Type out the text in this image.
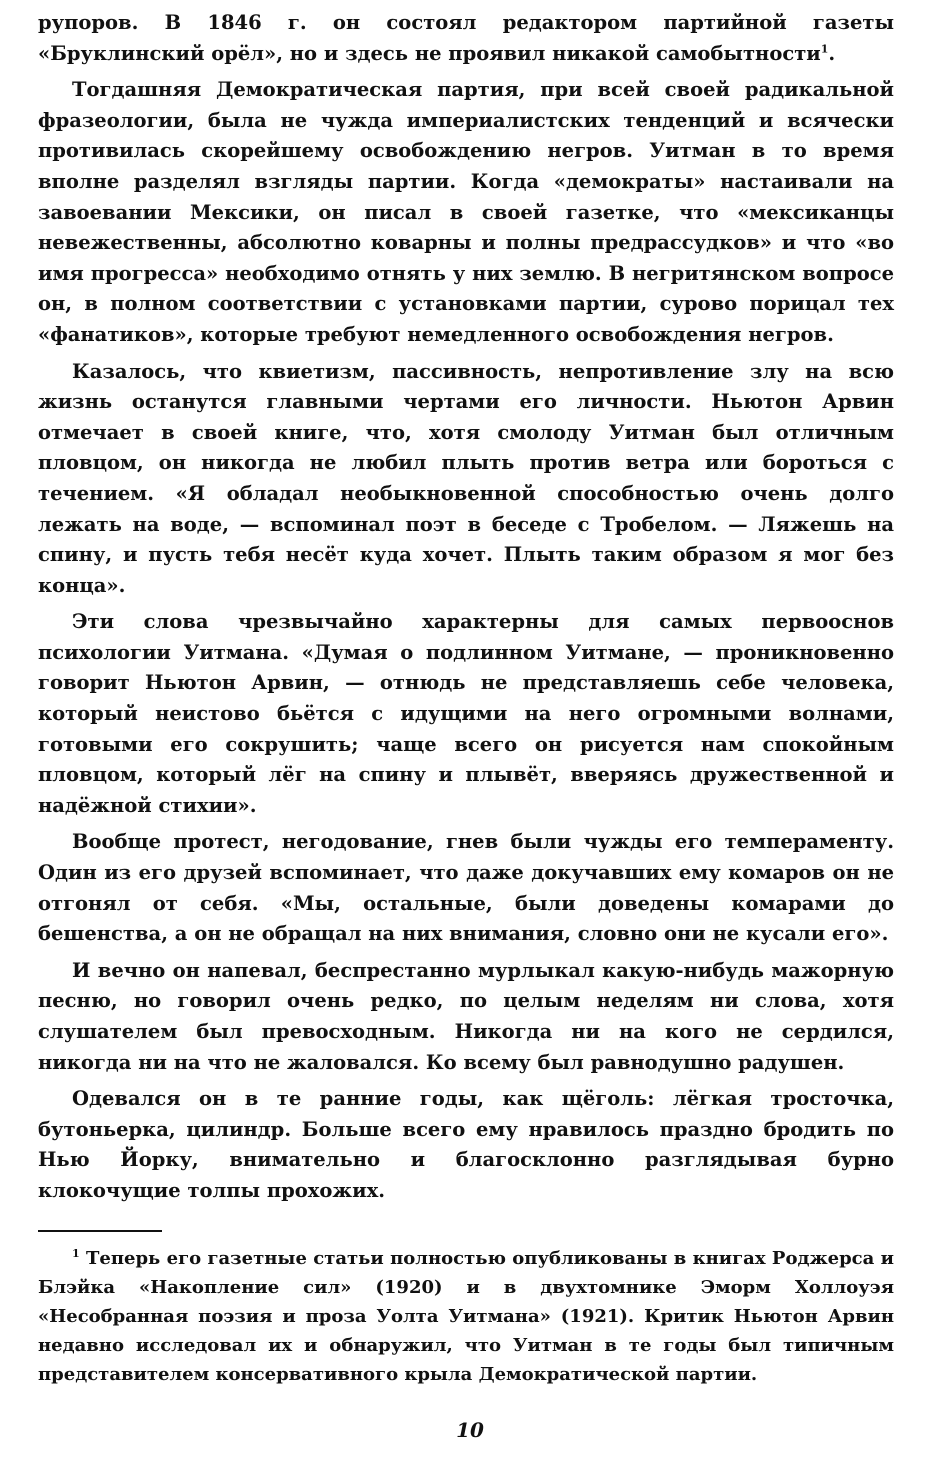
рупоров. В 1846 г. он состоял редактором партийной газеты «Бруклинский орёл», но и здесь не проявил никакой самобытности$^1$.

Тогдашняя Демократическая партия, при всей своей радикальной фразеологии, была не чужда империалистских тенденций и всячески противилась скорейшему освобождению негров. Уитман в то время вполне разделял взгляды партии. Когда «демократы» настаивали на завоевании Мексики, он писал в своей газетке, что «мексиканцы невежественны, абсолютно коварны и полны предрассудков» и что «во имя прогресса» необходимо отнять у них землю. В негритянском вопросе он, в полном соответствии с установками партии, сурово порицал тех «фанатиков», которые требуют немедленного освобождения негров.

Казалось, что квиетизм, пассивность, непротивление злу на всю жизнь останутся главными чертами его личности. Ньютон Арвин отмечает в своей книге, что, хотя смолоду Уитман был отличным пловцом, он никогда не любил плыть против ветра или бороться с течением. «Я обладал необыкновенной способностью очень долго лежать на воде, — вспоминал поэт в беседе с Тробелом. — Ляжешь на спину, и пусть тебя несёт куда хочет. Плыть таким образом я мог без конца».

Эти слова чрезвычайно характерны для самых первооснов психологии Уитмана. «Думая о подлинном Уитмане, — проникновенно говорит Ньютон Арвин, — отнюдь не представляешь себе человека, который неистово бьётся с идущими на него огромными волнами, готовыми его сокрушить; чаще всего он рисуется нам спокойным пловцом, который лёг на спину и плывёт, вверяясь дружественной и надёжной стихии».

Вообще протест, негодование, гнев были чужды его темпераменту. Один из его друзей вспоминает, что даже докучавших ему комаров он не отгонял от себя. «Мы, остальные, были доведены комарами до бешенства, а он не обращал на них внимания, словно они не кусали его».

И вечно он напевал, беспрестанно мурлыкал какую-нибудь мажорную песню, но говорил очень редко, по целым неделям ни слова, хотя слушателем был превосходным. Никогда ни на кого не сердился, никогда ни на что не жаловался. Ко всему был равнодушно радушен.

Одевался он в те ранние годы, как щёголь: лёгкая тросточка, бутоньерка, цилиндр. Больше всего ему нравилось праздно бродить по Нью Йорку, внимательно и благосклонно разглядывая бурно клокочущие толпы прохожих.

$^1$ Теперь его газетные статьи полностью опубликованы в книгах Роджерса и Блэйка «Накопление сил» (1920) и в двухтомнике Эморм Холлоуэя «Несобранная поэзия и проза Уолта Уитмана» (1921). Критик Ньютон Арвин недавно исследовал их и обнаружил, что Уитман в те годы был типичным представителем консервативного крыла Демократической партии.

10
